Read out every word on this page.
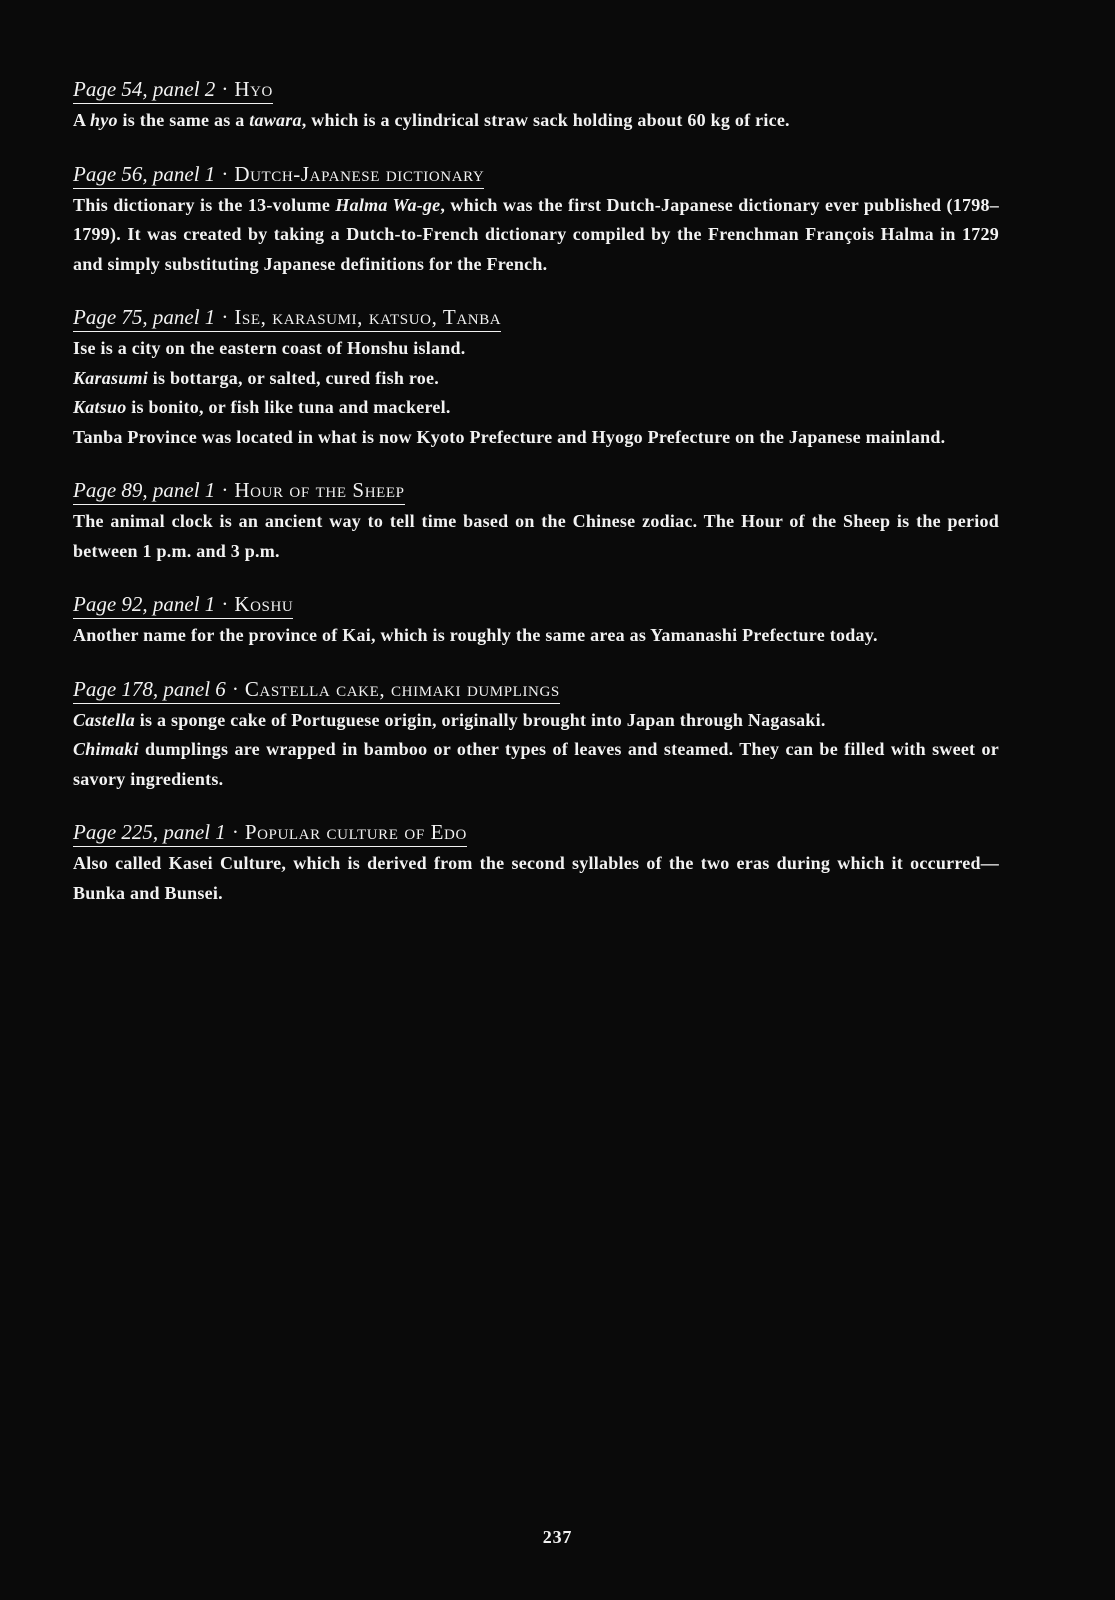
Page 54, panel 2 · Hyo
A hyo is the same as a tawara, which is a cylindrical straw sack holding about 60 kg of rice.
Page 56, panel 1 · Dutch-Japanese dictionary
This dictionary is the 13-volume Halma Wa-ge, which was the first Dutch-Japanese dictionary ever published (1798–1799). It was created by taking a Dutch-to-French dictionary compiled by the Frenchman François Halma in 1729 and simply substituting Japanese definitions for the French.
Page 75, panel 1 · Ise, karasumi, katsuo, Tanba
Ise is a city on the eastern coast of Honshu island.
Karasumi is bottarga, or salted, cured fish roe.
Katsuo is bonito, or fish like tuna and mackerel.
Tanba Province was located in what is now Kyoto Prefecture and Hyogo Prefecture on the Japanese mainland.
Page 89, panel 1 · Hour of the Sheep
The animal clock is an ancient way to tell time based on the Chinese zodiac. The Hour of the Sheep is the period between 1 p.m. and 3 p.m.
Page 92, panel 1 · Koshu
Another name for the province of Kai, which is roughly the same area as Yamanashi Prefecture today.
Page 178, panel 6 · Castella cake, chimaki dumplings
Castella is a sponge cake of Portuguese origin, originally brought into Japan through Nagasaki.
Chimaki dumplings are wrapped in bamboo or other types of leaves and steamed. They can be filled with sweet or savory ingredients.
Page 225, panel 1 · Popular culture of Edo
Also called Kasei Culture, which is derived from the second syllables of the two eras during which it occurred—Bunka and Bunsei.
237
